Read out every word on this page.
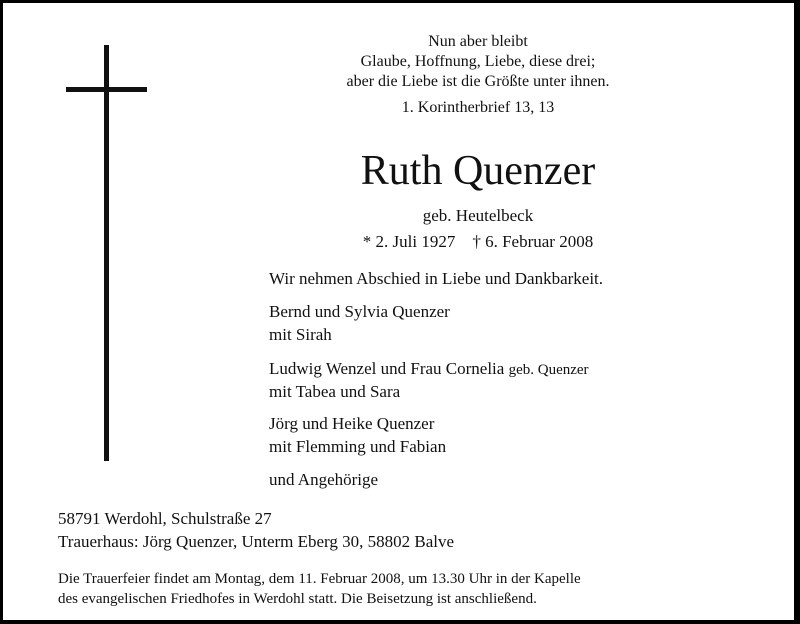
Nun aber bleibt
Glaube, Hoffnung, Liebe, diese drei;
aber die Liebe ist die Größte unter ihnen.
1. Korintherbrief 13, 13
Ruth Quenzer
geb. Heutelbeck
* 2. Juli 1927    † 6. Februar 2008
Wir nehmen Abschied in Liebe und Dankbarkeit.
Bernd und Sylvia Quenzer
mit Sirah
Ludwig Wenzel und Frau Cornelia geb. Quenzer
mit Tabea und Sara
Jörg und Heike Quenzer
mit Flemming und Fabian
und Angehörige
58791 Werdohl, Schulstraße 27
Trauerhaus: Jörg Quenzer, Unterm Eberg 30, 58802 Balve
Die Trauerfeier findet am Montag, dem 11. Februar 2008, um 13.30 Uhr in der Kapelle
des evangelischen Friedhofes in Werdohl statt. Die Beisetzung ist anschließend.
